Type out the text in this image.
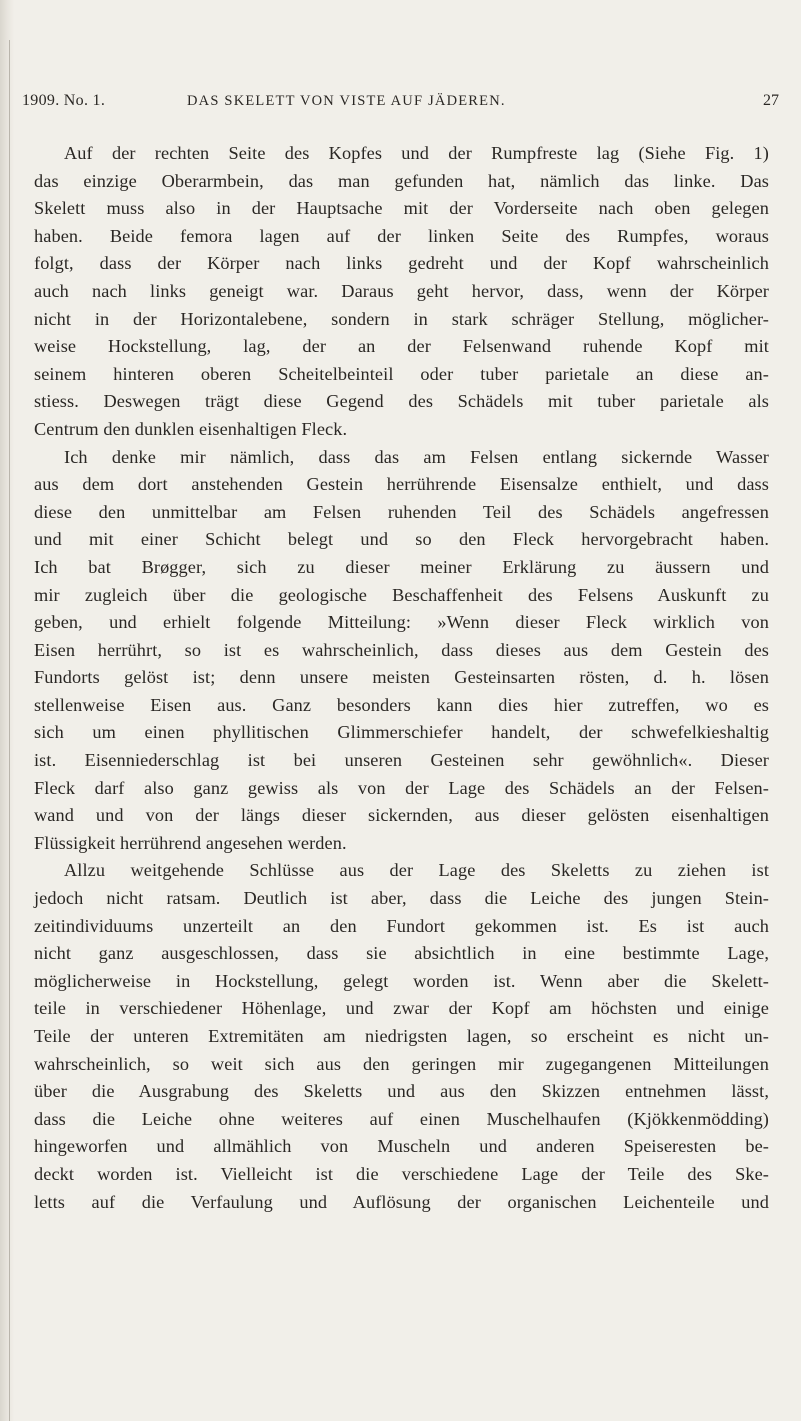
1909. No. 1.	DAS SKELETT VON VISTE AUF JÄDEREN.	27
Auf der rechten Seite des Kopfes und der Rumpfreste lag (Siehe Fig. 1)
das einzige Oberarmbein, das man gefunden hat, nämlich das linke. Das
Skelett muss also in der Hauptsache mit der Vorderseite nach oben gelegen
haben. Beide femora lagen auf der linken Seite des Rumpfes, woraus
folgt, dass der Körper nach links gedreht und der Kopf wahrscheinlich
auch nach links geneigt war. Daraus geht hervor, dass, wenn der Körper
nicht in der Horizontalebene, sondern in stark schräger Stellung, möglicher-
weise Hockstellung, lag, der an der Felsenwand ruhende Kopf mit
seinem hinteren oberen Scheitelbeinteil oder tuber parietale an diese an-
stiess. Deswegen trägt diese Gegend des Schädels mit tuber parietale als
Centrum den dunklen eisenhaltigen Fleck.
Ich denke mir nämlich, dass das am Felsen entlang sickernde Wasser
aus dem dort anstehenden Gestein herrührende Eisensalze enthielt, und dass
diese den unmittelbar am Felsen ruhenden Teil des Schädels angefressen
und mit einer Schicht belegt und so den Fleck hervorgebracht haben.
Ich bat Brøgger, sich zu dieser meiner Erklärung zu äussern und
mir zugleich über die geologische Beschaffenheit des Felsens Auskunft zu
geben, und erhielt folgende Mitteilung: »Wenn dieser Fleck wirklich von
Eisen herrührt, so ist es wahrscheinlich, dass dieses aus dem Gestein des
Fundorts gelöst ist; denn unsere meisten Gesteinsarten rösten, d. h. lösen
stellenweise Eisen aus. Ganz besonders kann dies hier zutreffen, wo es
sich um einen phyllitischen Glimmerschiefer handelt, der schwefelkieshaltig
ist. Eisenniederschlag ist bei unseren Gesteinen sehr gewöhnlich«. Dieser
Fleck darf also ganz gewiss als von der Lage des Schädels an der Felsen-
wand und von der längs dieser sickernden, aus dieser gelösten eisenhaltigen
Flüssigkeit herrührend angesehen werden.
Allzu weitgehende Schlüsse aus der Lage des Skeletts zu ziehen ist
jedoch nicht ratsam. Deutlich ist aber, dass die Leiche des jungen Stein-
zeitindividuums unzerteilt an den Fundort gekommen ist. Es ist auch
nicht ganz ausgeschlossen, dass sie absichtlich in eine bestimmte Lage,
möglicherweise in Hockstellung, gelegt worden ist. Wenn aber die Skelett-
teile in verschiedener Höhenlage, und zwar der Kopf am höchsten und einige
Teile der unteren Extremitäten am niedrigsten lagen, so erscheint es nicht un-
wahrscheinlich, so weit sich aus den geringen mir zugegangenen Mitteilungen
über die Ausgrabung des Skeletts und aus den Skizzen entnehmen lässt,
dass die Leiche ohne weiteres auf einen Muschelhaufen (Kjökkenmödding)
hingeworfen und allmählich von Muscheln und anderen Speiseresten be-
deckt worden ist. Vielleicht ist die verschiedene Lage der Teile des Ske-
letts auf die Verfaulung und Auflösung der organischen Leichenteile und
